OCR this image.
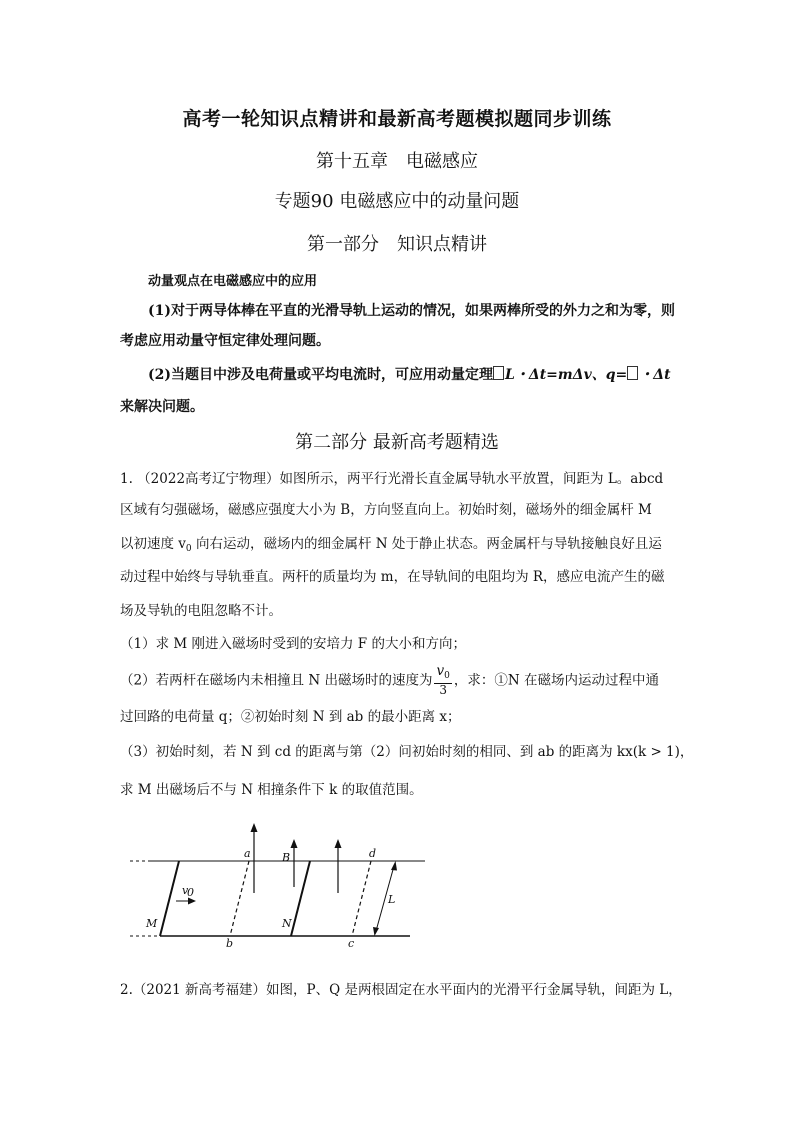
高考一轮知识点精讲和最新高考题模拟题同步训练
第十五章　电磁感应
专题90 电磁感应中的动量问题
第一部分　知识点精讲
动量观点在电磁感应中的应用
(1)对于两导体棒在平直的光滑导轨上运动的情况，如果两棒所受的外力之和为零，则
考虑应用动量守恒定律处理问题。
(2)当题目中涉及电荷量或平均电流时，可应用动量定理 L・Δt=mΔv、q= ・Δt
来解决问题。
第二部分 最新高考题精选
1. （2022高考辽宁物理）如图所示，两平行光滑长直金属导轨水平放置，间距为 L。abcd
区域有匀强磁场，磁感应强度大小为 B，方向竖直向上。初始时刻，磁场外的细金属杆 M
以初速度 $v_0$ 向右运动，磁场内的细金属杆 N 处于静止状态。两金属杆与导轨接触良好且运
动过程中始终与导轨垂直。两杆的质量均为 m，在导轨间的电阻均为 R，感应电流产生的磁
场及导轨的电阻忽略不计。
（1）求 M 刚进入磁场时受到的安培力 F 的大小和方向；
（2）若两杆在磁场内未相撞且 N 出磁场时的速度为 $\frac{v_0}{3}$ ，求：①N 在磁场内运动过程中通
过回路的电荷量 q；②初始时刻 N 到 ab 的最小距离 x；
（3）初始时刻，若 N 到 cd 的距离与第（2）问初始时刻的相同、到 ab 的距离为 kx(k > 1)，
求 M 出磁场后不与 N 相撞条件下 k 的取值范围。
B
a
b	c
d
L
M	N
v
0
2.（2021 新高考福建）如图，P、Q 是两根固定在水平面内的光滑平行金属导轨，间距为 L，
